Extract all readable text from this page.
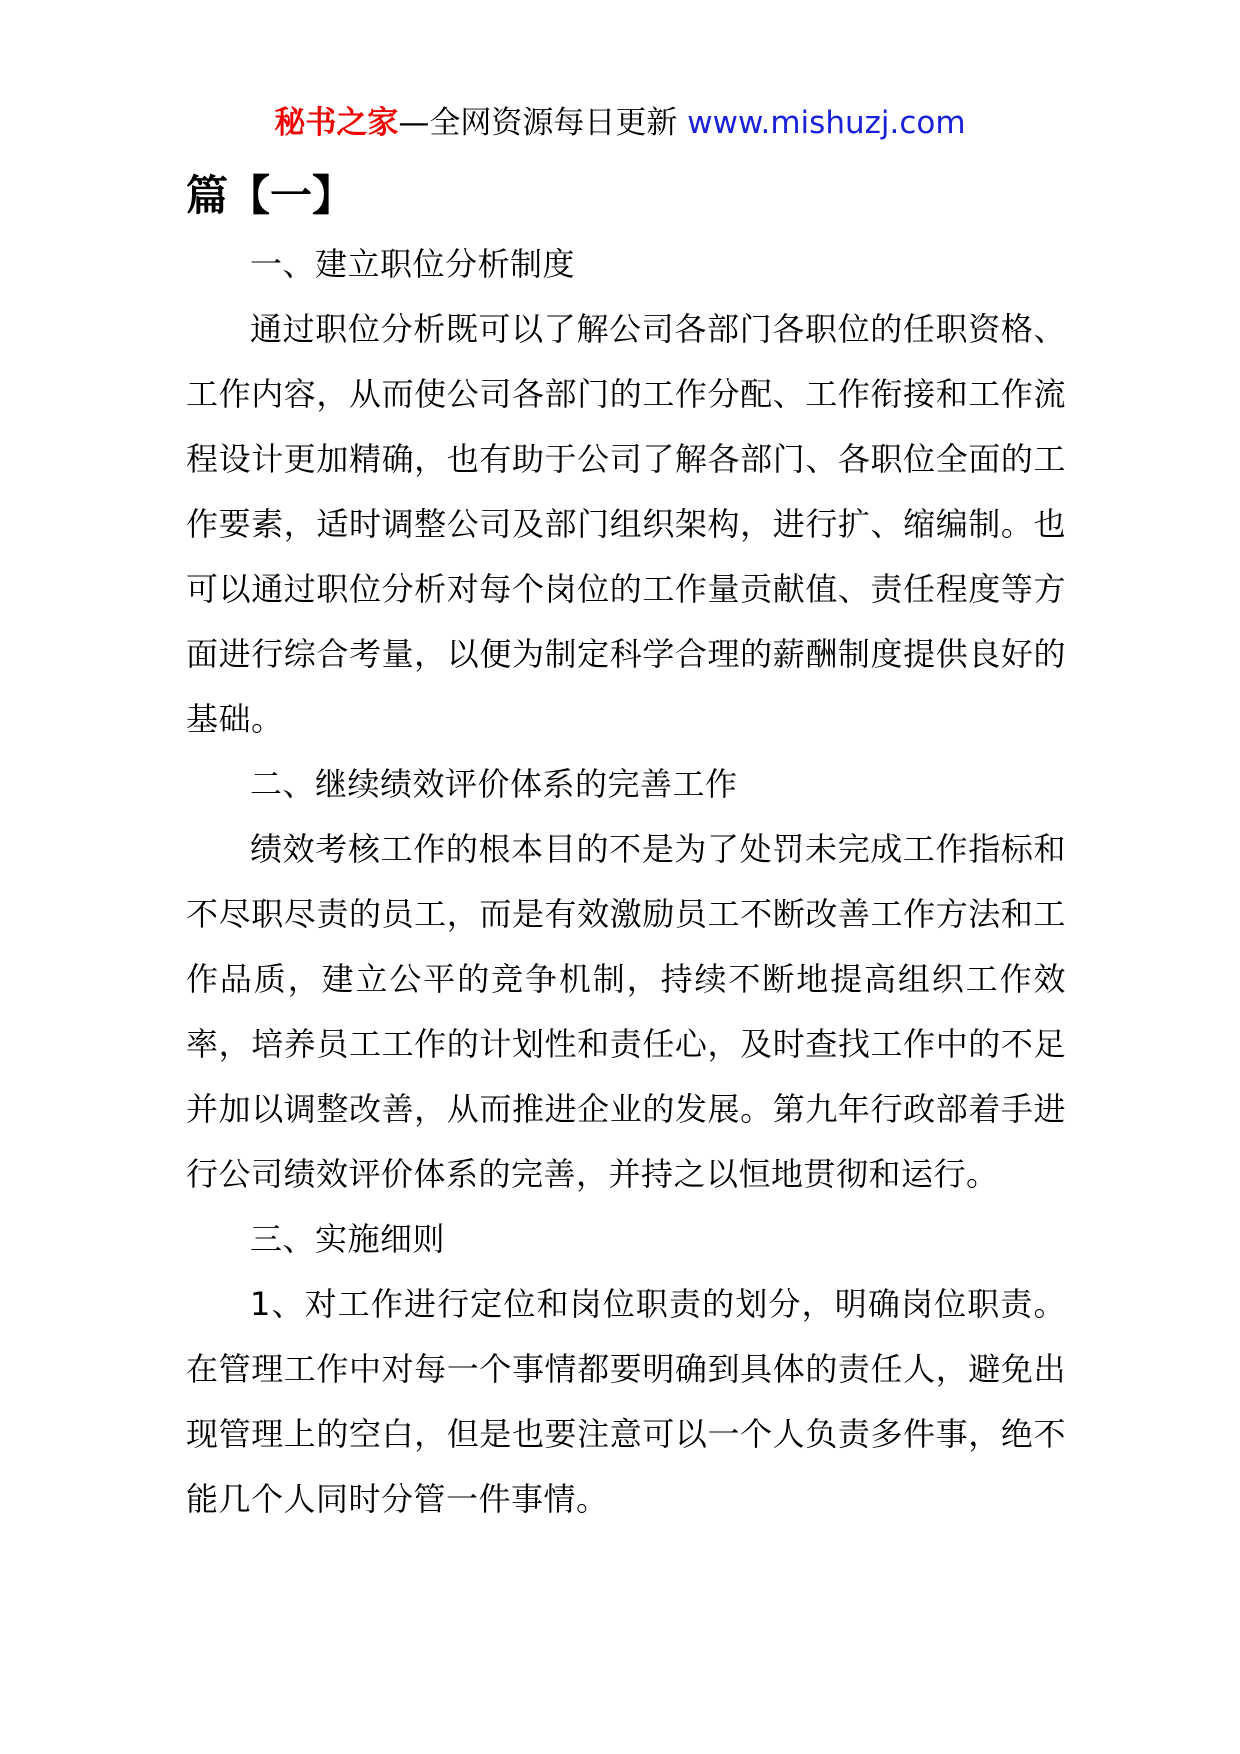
秘书之家—全网资源每日更新 www.mishuzj.com
篇【一】

一、建立职位分析制度

通过职位分析既可以了解公司各部门各职位的任职资格、工作内容，从而使公司各部门的工作分配、工作衔接和工作流程设计更加精确，也有助于公司了解各部门、各职位全面的工作要素，适时调整公司及部门组织架构，进行扩、缩编制。也可以通过职位分析对每个岗位的工作量贡献值、责任程度等方面进行综合考量，以便为制定科学合理的薪酬制度提供良好的基础。

二、继续绩效评价体系的完善工作

绩效考核工作的根本目的不是为了处罚未完成工作指标和不尽职尽责的员工，而是有效激励员工不断改善工作方法和工作品质，建立公平的竞争机制，持续不断地提高组织工作效率，培养员工工作的计划性和责任心，及时查找工作中的不足并加以调整改善，从而推进企业的发展。第九年行政部着手进行公司绩效评价体系的完善，并持之以恒地贯彻和运行。

三、实施细则

1、对工作进行定位和岗位职责的划分，明确岗位职责。在管理工作中对每一个事情都要明确到具体的责任人，避免出现管理上的空白，但是也要注意可以一个人负责多件事，绝不能几个人同时分管一件事情。
